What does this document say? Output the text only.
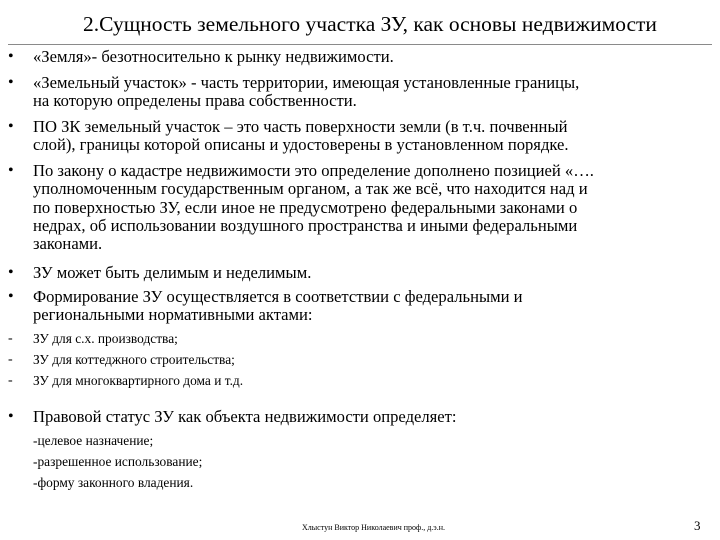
2.Сущность земельного участка ЗУ, как основы недвижимости
•	«Земля»- безотносительно к рынку недвижимости.
•	«Земельный участок» - часть территории, имеющая установленные границы,
на которую определены права собственности.
•	ПО ЗК земельный участок – это часть поверхности земли (в т.ч. почвенный
слой), границы которой описаны и удостоверены в установленном порядке.
•	По закону о кадастре недвижимости это определение дополнено позицией «….
уполномоченным государственным органом, а так же всё, что находится над и
по поверхностью ЗУ, если иное не предусмотрено федеральными законами о
недрах, об использовании воздушного пространства и иными федеральными
законами.
•	ЗУ может быть делимым и неделимым.
•	Формирование ЗУ осуществляется в соответствии с федеральными и
региональными нормативными актами:
-	ЗУ для с.х. производства;
-	ЗУ для коттеджного строительства;
-	ЗУ для многоквартирного дома и т.д.
•	Правовой статус ЗУ как объекта недвижимости определяет:
-целевое назначение;
-разрешенное использование;
-форму законного владения.
Хлыстун Виктор Николаевич проф., д.э.н.	3
